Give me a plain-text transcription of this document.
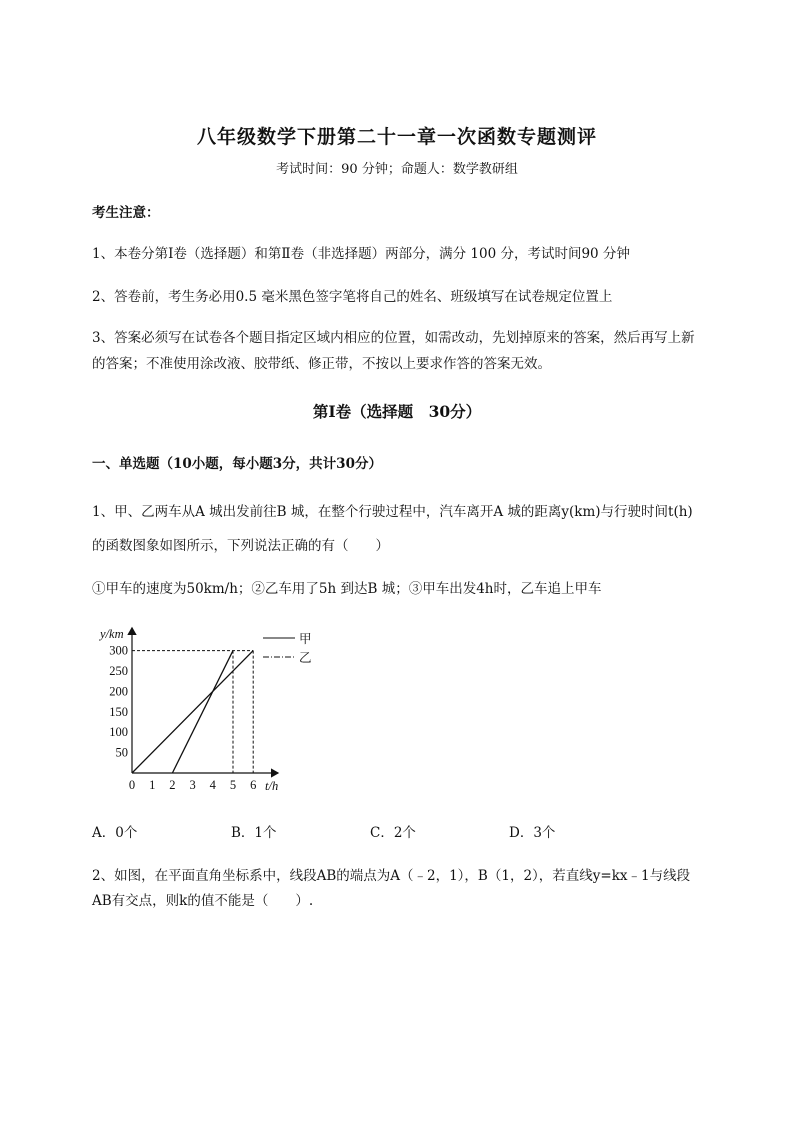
八年级数学下册第二十一章一次函数专题测评
考试时间：90 分钟；命题人：数学教研组
考生注意：
1、本卷分第Ⅰ卷（选择题）和第Ⅱ卷（非选择题）两部分，满分 100 分，考试时间90 分钟
2、答卷前，考生务必用0.5 毫米黑色签字笔将自己的姓名、班级填写在试卷规定位置上
3、答案必须写在试卷各个题目指定区域内相应的位置，如需改动，先划掉原来的答案，然后再写上新
的答案；不准使用涂改液、胶带纸、修正带，不按以上要求作答的答案无效。
第Ⅰ卷（选择题　30分）
一、单选题（10小题，每小题3分，共计30分）
1、甲、乙两车从A 城出发前往B 城，在整个行驶过程中，汽车离开A 城的距离y(km)与行驶时间t(h)
的函数图象如图所示，下列说法正确的有（　　）
①甲车的速度为50km/h；②乙车用了5h 到达B 城；③甲车出发4h时，乙车追上甲车
0 1 2 3 4 5 6
50
100
150
200
250
300
t/h
y/km	甲
乙
A．0个	B．1个	C．2个	D．3个
2、如图，在平面直角坐标系中，线段AB的端点为A（﹣2，1），B（1，2），若直线y=kx﹣1与线段
AB有交点，则k的值不能是（　　）.
